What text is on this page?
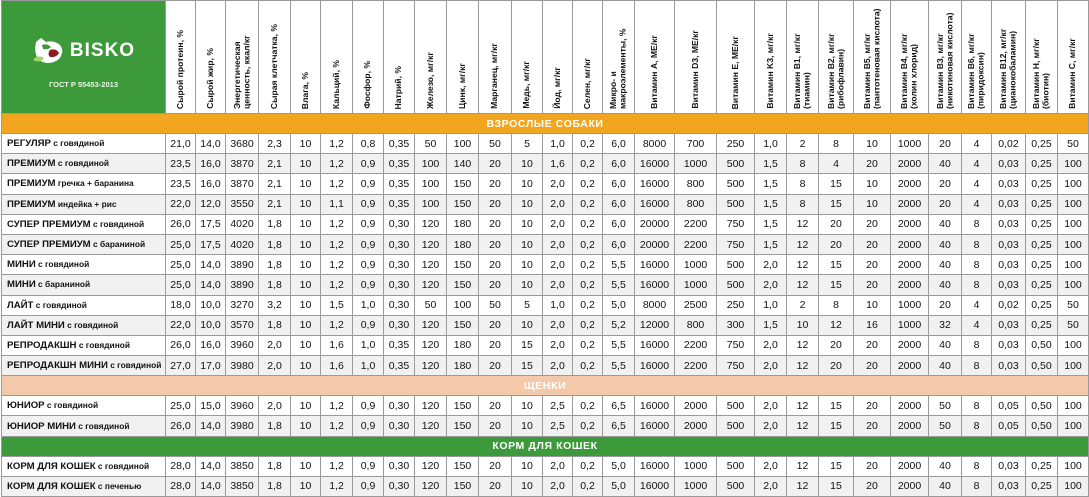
BISKO
ГОСТ Р 55453-2013	Сырой протеин, %	Сырой жир, %	Энергетическая ценность, ккал/кг	Сырая клетчатка, %	Влага, %	Кальций, %	Фосфор, %	Натрий, %	Железо, мг/кг	Цинк, мг/кг	Марганец, мг/кг	Медь, мг/кг	Йод, мг/кг	Селен, мг/кг	Микро- и макроэлементы, %	Витамин A, МЕ/кг	Витамин D3, МЕ/кг	Витамин E, МЕ/кг	Витамин K3, мг/кг	Витамин B1, мг/кг (тиамин)	Витамин B2, мг/кг (рибофлавин)	Витамин B5, мг/кг (пантотеновая кислота)	Витамин B4, мг/кг (холин хлорид)	Витамин B3, мг/кг (никотиновая кислота)	Витамин B6, мг/кг (пиридоксин)	Витамин B12, мг/кг (цианокобаламин)	Витамин H, мг/кг (биотин)	Витамин C, мг/кг

ВЗРОСЛЫЕ СОБАКИ																												
РЕГУЛЯР с говядиной	21,0	14,0	3680	2,3	10	1,2	0,8	0,35	50	100	50	5	1,0	0,2	6,0	8000	700	250	1,0	2	8	10	1000	20	4	0,02	0,25	50
ПРЕМИУМ с говядиной	23,5	16,0	3870	2,1	10	1,2	0,9	0,35	100	140	20	10	1,6	0,2	6,0	16000	1000	500	1,5	8	4	20	2000	40	4	0,03	0,25	100
ПРЕМИУМ гречка + баранина	23,5	16,0	3870	2,1	10	1,2	0,9	0,35	100	150	20	10	2,0	0,2	6,0	16000	800	500	1,5	8	15	10	2000	20	4	0,03	0,25	100
ПРЕМИУМ индейка + рис	22,0	12,0	3550	2,1	10	1,1	0,9	0,35	100	150	20	10	2,0	0,2	6,0	16000	800	500	1,5	8	15	10	2000	20	4	0,03	0,25	100
СУПЕР ПРЕМИУМ с говядиной	26,0	17,5	4020	1,8	10	1,2	0,9	0,30	120	180	20	10	2,0	0,2	6,0	20000	2200	750	1,5	12	20	20	2000	40	8	0,03	0,25	100
СУПЕР ПРЕМИУМ с бараниной	25,0	17,5	4020	1,8	10	1,2	0,9	0,30	120	180	20	10	2,0	0,2	6,0	20000	2200	750	1,5	12	20	20	2000	40	8	0,03	0,25	100
МИНИ с говядиной	25,0	14,0	3890	1,8	10	1,2	0,9	0,30	120	150	20	10	2,0	0,2	5,5	16000	1000	500	2,0	12	15	20	2000	40	8	0,03	0,25	100
МИНИ с бараниной	25,0	14,0	3890	1,8	10	1,2	0,9	0,30	120	150	20	10	2,0	0,2	5,5	16000	1000	500	2,0	12	15	20	2000	40	8	0,03	0,25	100
ЛАЙТ с говядиной	18,0	10,0	3270	3,2	10	1,5	1,0	0,30	50	100	50	5	1,0	0,2	5,0	8000	2500	250	1,0	2	8	10	1000	20	4	0,02	0,25	50
ЛАЙТ МИНИ с говядиной	22,0	10,0	3570	1,8	10	1,2	0,9	0,30	120	150	20	10	2,0	0,2	5,2	12000	800	300	1,5	10	12	16	1000	32	4	0,03	0,25	50
РЕПРОДАКШН с говядиной	26,0	16,0	3960	2,0	10	1,6	1,0	0,35	120	180	20	15	2,0	0,2	5,5	16000	2200	750	2,0	12	20	20	2000	40	8	0,03	0,50	100
РЕПРОДАКШН МИНИ с говядиной	27,0	17,0	3980	2,0	10	1,6	1,0	0,35	120	180	20	15	2,0	0,2	5,5	16000	2200	750	2,0	12	20	20	2000	40	8	0,03	0,50	100
ЩЕНКИ																												
ЮНИОР с говядиной	25,0	15,0	3960	2,0	10	1,2	0,9	0,30	120	150	20	10	2,5	0,2	6,5	16000	2000	500	2,0	12	15	20	2000	50	8	0,05	0,50	100
ЮНИОР МИНИ с говядиной	26,0	14,0	3980	1,8	10	1,2	0,9	0,30	120	150	20	10	2,5	0,2	6,5	16000	2000	500	2,0	12	15	20	2000	50	8	0,05	0,50	100
КОРМ ДЛЯ КОШЕК																												
КОРМ ДЛЯ КОШЕК с говядиной	28,0	14,0	3850	1,8	10	1,2	0,9	0,30	120	150	20	10	2,0	0,2	5,0	16000	1000	500	2,0	12	15	20	2000	40	8	0,03	0,25	100
КОРМ ДЛЯ КОШЕК с печенью	28,0	14,0	3850	1,8	10	1,2	0,9	0,30	120	150	20	10	2,0	0,2	5,0	16000	1000	500	2,0	12	15	20	2000	40	8	0,03	0,25	100
